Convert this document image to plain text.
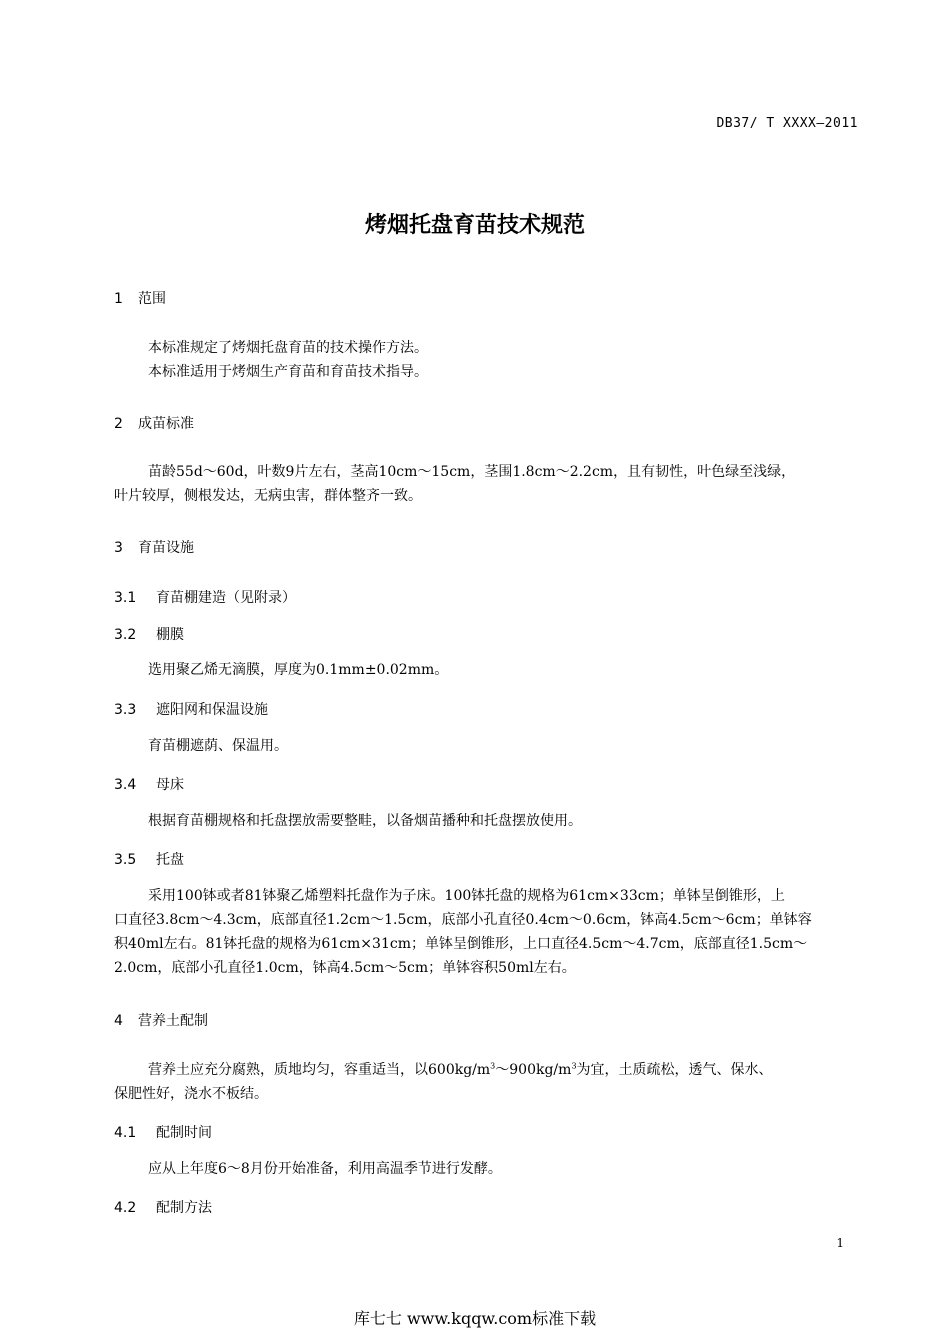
DB37/ T XXXX—2011
烤烟托盘育苗技术规范
1 范围
本标准规定了烤烟托盘育苗的技术操作方法。
本标准适用于烤烟生产育苗和育苗技术指导。
2 成苗标准
苗龄55d～60d，叶数9片左右，茎高10cm～15cm，茎围1.8cm～2.2cm，且有韧性，叶色绿至浅绿，
叶片较厚，侧根发达，无病虫害，群体整齐一致。
3 育苗设施
3.1 育苗棚建造（见附录）
3.2 棚膜
选用聚乙烯无滴膜，厚度为0.1mm±0.02mm。
3.3 遮阳网和保温设施
育苗棚遮荫、保温用。
3.4 母床
根据育苗棚规格和托盘摆放需要整畦，以备烟苗播种和托盘摆放使用。
3.5 托盘
采用100钵或者81钵聚乙烯塑料托盘作为子床。100钵托盘的规格为61cm×33cm；单钵呈倒锥形，上
口直径3.8cm～4.3cm，底部直径1.2cm～1.5cm，底部小孔直径0.4cm～0.6cm，钵高4.5cm～6cm；单钵容
积40ml左右。81钵托盘的规格为61cm×31cm；单钵呈倒锥形，上口直径4.5cm～4.7cm，底部直径1.5cm～
2.0cm，底部小孔直径1.0cm，钵高4.5cm～5cm；单钵容积50ml左右。
4 营养土配制
营养土应充分腐熟，质地均匀，容重适当，以$600kg/m^3\sim 900kg/m^3$为宜，土质疏松，透气、保水、
保肥性好，浇水不板结。
4.1 配制时间
应从上年度6～8月份开始准备，利用高温季节进行发酵。
4.2 配制方法
1
库七七 www.kqqw.com标准下载
